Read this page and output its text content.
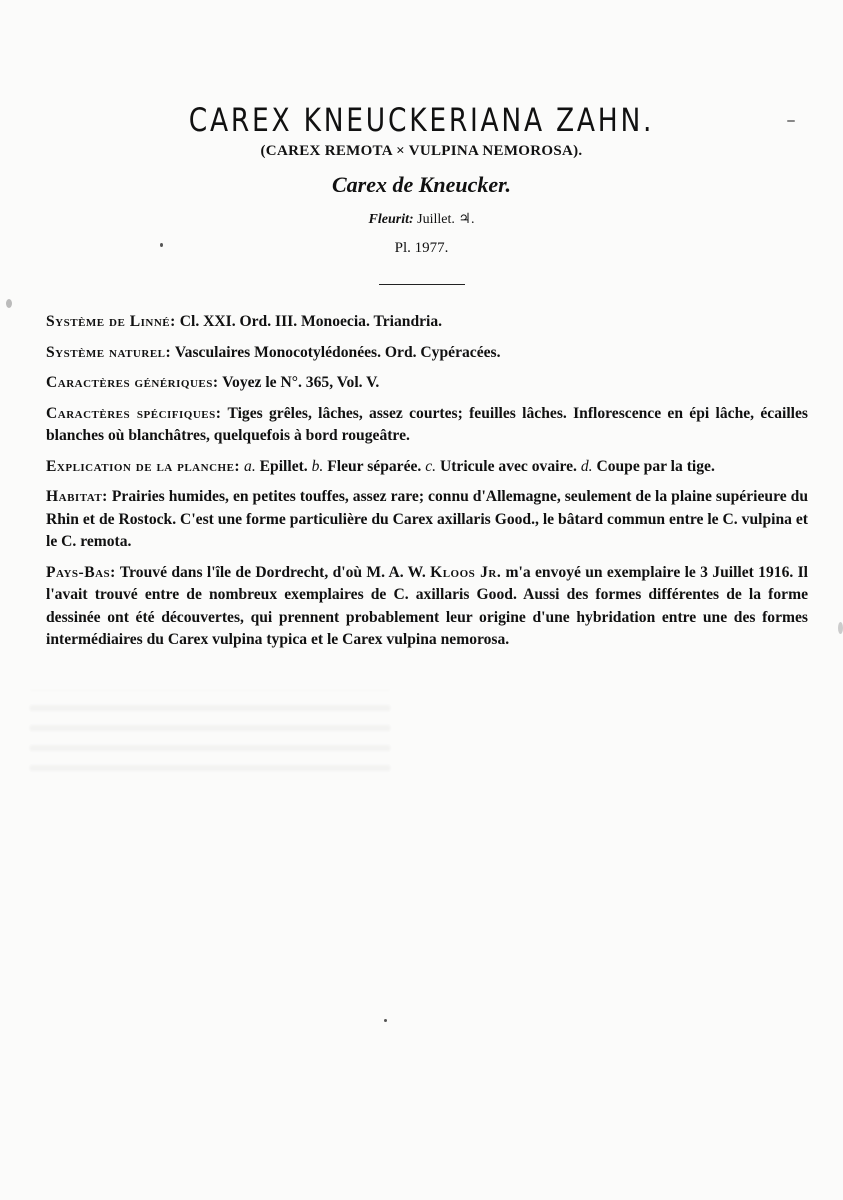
CAREX KNEUCKERIANA ZAHN.
(CAREX REMOTA × VULPINA NEMOROSA).
Carex de Kneucker.
Fleurit: Juillet. ♃.
Pl. 1977.

Système de Linné: Cl. XXI. Ord. III. Monoecia. Triandria.

Système naturel: Vasculaires Monocotylédonées. Ord. Cypéracées.

Caractères génériques: Voyez le N°. 365, Vol. V.

Caractères spécifiques: Tiges grêles, lâches, assez courtes; feuilles lâches. Inflorescence en épi lâche, écailles blanches où blanchâtres, quelquefois à bord rougeâtre.

Explication de la planche: a. Epillet. b. Fleur séparée. c. Utricule avec ovaire. d. Coupe par la tige.

Habitat: Prairies humides, en petites touffes, assez rare; connu d'Allemagne, seulement de la plaine supérieure du Rhin et de Rostock. C'est une forme particulière du Carex axillaris Good., le bâtard commun entre le C. vulpina et le C. remota.

Pays-Bas: Trouvé dans l'île de Dordrecht, d'où M. A. W. Kloos Jr. m'a envoyé un exemplaire le 3 Juillet 1916. Il l'avait trouvé entre de nombreux exemplaires de C. axillaris Good. Aussi des formes différentes de la forme dessinée ont été découvertes, qui prennent probablement leur origine d'une hybridation entre une des formes intermédiaires du Carex vulpina typica et le Carex vulpina nemorosa.
